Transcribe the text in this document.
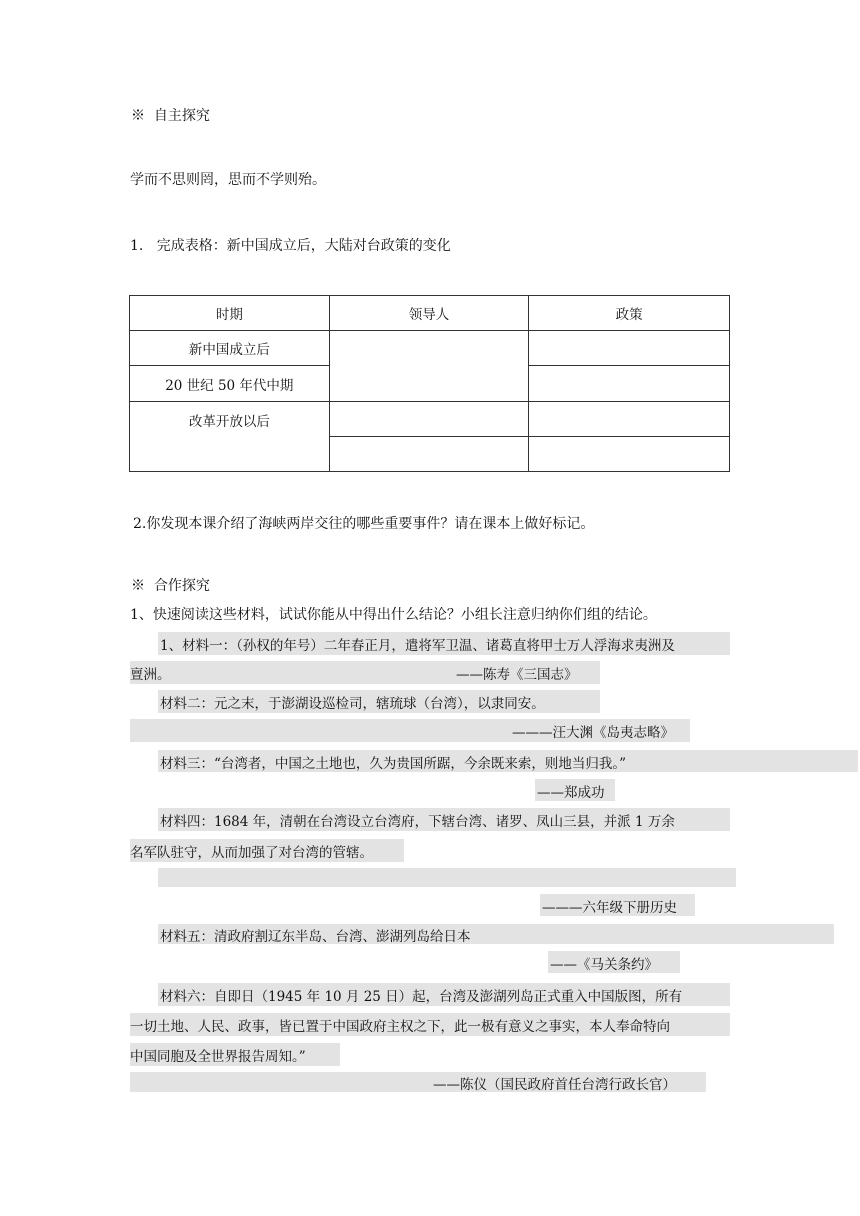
※ 自主探究
学而不思则罔，思而不学则殆。
1. 完成表格：新中国成立后，大陆对台政策的变化
时期	领导人	政策
新中国成立后		
20 世纪 50 年代中期		
改革开放以后		

2.你发现本课介绍了海峡两岸交往的哪些重要事件？请在课本上做好标记。
※ 合作探究
1、快速阅读这些材料，试试你能从中得出什么结论？小组长注意归纳你们组的结论。
1、材料一：（孙权的年号）二年春正月，遣将军卫温、诸葛直将甲士万人浮海求夷洲及
亶洲。	——陈寿《三国志》
材料二：元之末，于澎湖设巡检司，辖琉球（台湾），以隶同安。
———汪大渊《岛夷志略》
材料三：“台湾者，中国之土地也，久为贵国所踞，今余既来索，则地当归我。”
——郑成功
材料四：1684 年，清朝在台湾设立台湾府，下辖台湾、诸罗、凤山三县，并派 1 万余
名军队驻守，从而加强了对台湾的管辖。
———六年级下册历史
材料五：清政府割辽东半岛、台湾、澎湖列岛给日本
——《马关条约》
材料六：自即日（1945 年 10 月 25 日）起，台湾及澎湖列岛正式重入中国版图，所有
一切土地、人民、政事，皆已置于中国政府主权之下，此一极有意义之事实，本人奉命特向
中国同胞及全世界报告周知。”
——陈仪（国民政府首任台湾行政长官）
